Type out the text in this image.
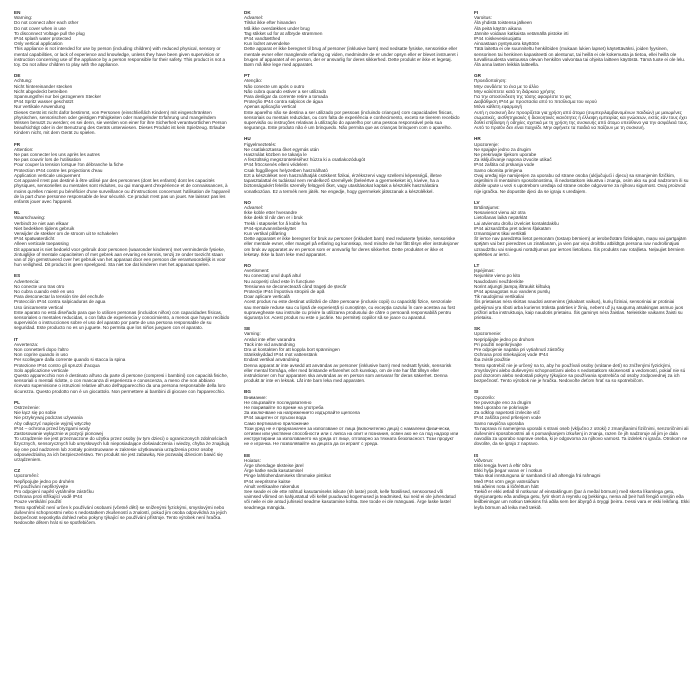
EN
Warning:
Do not connect after each other
Do not cover when in use
To disconnect Voltage pull the plug
IP44 splash water protected
Only vertical application
This appliance is not intended for use by person (including children) with reduced physical, sensory or mental capabilities, or lack of experience and knowledge, unless they have been given supervision or instruction concerning use of the appliance by a person responsible for their safety. This product is not a toy. Do not allow children to play with the appliance.
DE
Achtung:
Nicht hintereinander stecken
Nicht abgedeckt betreiben
Spannungsfrei nur bei gezogenem Stecker
IP44 Spritz wasser geschützt
Nur vertikale Anwendung
Dieses Gerät ist nicht dafür bestimmt, von Personen (einschließlich Kindern) mit eingeschränkten physischen, sensorischen oder geistigen Fähigkeiten oder mangelnder Erfahrung und mangelndem Wissen benutzt zu werden; es sei denn, sie werden von einer für ihre Sicherheit verantwortlichen Person beaufsichtigt oder in der Benutzung des Geräts unterwiesen. Dieses Produkt ist kein Spielzeug. Erlaube Kindern nicht, mit dem Gerät zu spielen.
FR
Attention:
Ne pas connecter les uns après les autres
Ne pas couvrir lors de l'utilisation
Pour couper la tension lorsque l'on débranche la fiche
Protection IP44 contre les projections d'eau
Application verticale uniquement
Cet appareil n'est pas destiné à être utilisé par des personnes (dont les enfants) dont les capacités physiques, sensorielles ou mentales sont réduites, ou qui manquent d'expérience et de connaissances, à moins qu'elles n'aient pu bénéficier d'une surveillance ou d'instructions concernant l'utilisation de l'appareil de la part d'une personne responsable de leur sécurité. Ce produit n'est pas un jouet. Ne laissez pas les enfants jouer avec l'appareil.
NL
Waarschuwing:
Verbindt ze niet aan elkaar
Niet bedekken tijdens gebruik
Verwijder de stekker om de stroom uit te schakelen
IP44 spatwaterdicht
Alleen verticale toepassing
Dit apparaat is niet bedoeld voor gebruik door personen (waaronder kinderen) met verminderde fysieke, zintuiglijke of mentale capaciteiten of met gebrek aan ervaring en kennis, tenzij ze onder toezicht staan van of zijn geïnstrueerd over het gebruik van het apparaat door een persoon die verantwoordelijk is voor hun veiligheid. Dit product is geen speelgoed. Sta niet toe dat kinderen met het apparaat spelen.
ES
Advertencia:
No conecte uno tras otro
No cubra cuando esté en uso
Para desconectar la tensión tire del enchufe
Protección IP44 contra salpicaduras de agua
Uso únicamente vertical
Este aparato no está diseñado para que lo utilicen personas (incluidos niños) con capacidades físicas, sensoriales o mentales reducidas, o con falta de experiencia y conocimiento, a menos que hayan recibido supervisión o instrucciones sobre el uso del aparato por parte de una persona responsable de su seguridad. Este producto no es un juguete. No permita que los niños jueguen con el aparato.
IT
Avvertenza:
Non connetterli dopo l'altro
Non coprire quando in uso
Per scollegare dalla corrente quando si stacca la spina
Protezione IP44 contro gli spruzzi d'acqua
Solo applicazione verticale
Questo apparecchio non è destinato all'uso da parte di persone (compresi i bambini) con capacità fisiche, sensoriali o mentali ridotte, o con mancanza di esperienza e conoscenza, a meno che non abbiano ricevuto supervisione o istruzioni relative all'uso dell'apparecchio da una persona responsabile della loro sicurezza. Questo prodotto non è un giocattolo. Non permettere ai bambini di giocare con l'apparecchio.
PL
Ostrzeżenie:
Nie łącz się po sobie
Nie przykrywaj podczas używania
Aby odłączyć napięcie wyjmij wtyczkę
IP44 – ochrona przed bryzgami wody
Zastosowanie wyłącznie w pozycji pionowej
To urządzenie nie jest przeznaczone do użytku przez osoby (w tym dzieci) o ograniczonych zdolnościach fizycznych, sensorycznych lub umysłowych lub nieposiadające doświadczenia i wiedzy, chyba że znajdują się one pod nadzorem lub zostały poinstruowane w zakresie użytkowania urządzenia przez osobę odpowiedzialną za ich bezpieczeństwo. Ten produkt nie jest zabawką. Nie pozwalaj dzieciom bawić się urządzeniem.
CZ
Upozornění:
Nepřipojujte jedno po druhém
Při používání nepřikrývejte
Pro odpojení napětí vytáhněte zástrčku
Ochrana proti stříkající vodě IP44
Pouze vertikální použití
Tento spotřebič není určen k používání osobami (včetně dětí) se sníženými fyzickými, smyslovými nebo duševními schopnostmi nebo s nedostatkem zkušeností a znalostí, pokud jim osoba odpovědná za jejich bezpečnost neposkytla dohled nebo pokyny týkající se používání přístroje. Tento výrobek není hračka. Nedovolte dětem hrát si se spotřebičem.
DK
Advarsel:
Tilslut ikke efter hinanden
Må ikke overdækkes under brug
Tag stikket ud for at afbryde strømmen
IP44 vandtætthed
Kun lodret anvendelse
Dette apparat er ikke beregnet til brug af personer (inklusive børn) med nedsatte fysiske, sensoriske eller mentale evner eller manglende erfaring og viden, medmindre de er under opsyn eller er blevet instrueret i brugen af apparatet af en person, der er ansvarlig for deres sikkerhed. Dette produkt er ikke et legetøj. Børn må ikke lege med apparatet.
PT
Atenção:
Não conecte um após o outro
Não cubra quando estiver a ser utilizado
Para desligar da corrente retire a tomada
Proteção IP44 contra salpicos de água
Apenas aplicação vertical
Este aparelho não se destina a ser utilizado por pessoas (incluindo crianças) com capacidades físicas, sensoriais ou mentais reduzidas, ou com falta de experiência e conhecimento, exceto se tiverem recebido supervisão ou instruções relativas à utilização do aparelho por uma pessoa responsável pela sua segurança. Este produto não é um brinquedo. Não permita que as crianças brinquem com o aparelho.
HU
Figyelmeztetés:
Ne csatlakoztassa őket egymás után
Használat közben ne takarja le
A feszültség megszüntetéséhez húzza ki a csatlakozódugót
IP44 fröccsenés elleni védelem
Csak függőleges helyzetben használható
Ezt a készüléket nem használhatják csökkent fizikai, érzékszervi vagy szellemi képességű, illetve tapasztalattal és tudással nem rendelkező személyek (beleértve a gyermekeket is), kivéve, ha a biztonságukért felelős személy felügyeli őket, vagy utasításokat kaptak a készülék használatára vonatkozóan. Ez a termék nem játék. Ne engedje, hogy gyermekek játsszanak a készülékkel.
NO
Advarsel:
Ikke koble etter hverandre
Ikke dekk til når den er i bruk
Trekk i støpselet for å koble fra
IP44-sprutvannsbeskyttet
Kun vertikal påføring
Dette apparatet er ikke beregnet for bruk av personer (inkludert barn) med reduserte fysiske, sensoriske eller mentale evner, eller mangel på erfaring og kunnskap, med mindre de har fått tilsyn eller instruksjoner om bruk av apparatet av en person som er ansvarlig for deres sikkerhet. Dette produktet er ikke et leketøy. Ikke la barn leke med apparatet.
RO
Avertisment:
Nu conectați unul după altul
Nu acoperiți când este în funcțiune
Tensiunea se deconectează când trageți de ștecăr
Protecție IP44 împotriva stropirii de apă
Doar aplicare verticală
Acest produs nu este destinat utilizării de către persoane (inclusiv copii) cu capacități fizice, senzoriale sau mentale reduse sau cu lipsă de experiență și cunoștințe, cu excepția cazului în care acestea au fost supravegheate sau instruite cu privire la utilizarea produsului de către o persoană responsabilă pentru siguranța lor. Acest produs nu este o jucărie. Nu permiteți copiilor să se joace cu aparatul.
SE
Varning:
Anslut inte efter varandra
Täck inte vid användning
Dra ut kontakten för att koppla bort spänningen
Stänkskyddad IP44 mot vattenstänk
Endast vertikal användning
Denna apparat är inte avsedd att användas av personer (inklusive barn) med nedsatt fysisk, sensorisk eller mental förmåga, eller med bristande erfarenhet och kunskap, om de inte har fått tillsyn eller instruktioner om hur apparaten ska användas av en person som ansvarar för deras säkerhet. Denna produkt är inte en leksak. Låt inte barn leka med apparaten.
BG
Внимание:
Не свързвайте последователно
Не покривайте по време на употреба
За изключване на напрежението издърпайте щепсела
IP44 защитен от пръски вода
Само вертикално приложение
Този уред не е предназначен за използване от лица (включително деца) с намалени физически, сетивни или умствени способности или с липса на опит и познания, освен ако не са под надзор или инструктирани за използването на уреда от лице, отговорно за тяхната безопасност. Този продукт не е играчка. Не позволявайте на децата да си играят с уреда.
EE
Hoiatus:
Ärge ühendage üksteise järel
Ärge katke seda kasutamisel
Pinge lahtiühendamiseks tõmmake pistikut
IP44 veepritsme kaitse
Ainult vertikaalne rakendus
See seade ei ole ette nähtud kasutamiseks isikute (sh laste) poolt, kelle füüsilised, sensoorsed või vaimsed võimed on kahjustatud või kellel puuduvad kogemused ja teadmised, kui neid ei ole juhendatud või neile ei ole antud juhiseid seadme kasutamise kohta. See toode ei ole mänguasi. Ärge laske lastel seadmega mängida.
FI
Varoitus:
Älä yhdistä toistensa jälkeen
Älä peitä käytön aikana
Jännite voidaan katkaista vetämällä pistoke irti
IP44 roiskevesisuojattu
Ainoastaan pystysuora käyttöön
Tätä laitetta ei ole suunniteltu henkilöiden (mukaan lukien lapset) käytettäväksi, joiden fyysinen, sensorinen tai henkinen kapasiteetti on alentunut, tai heillä ei ole kokemusta ja tietoa, ellei heillä ole turvallisuudesta vastuussa olevan henkilön valvontaa tai ohjeita laitteen käytöstä. Tämä tuote ei ole lelu. Älä anna lasten leikkiä laitteella.
GR
Προειδοποίηση:
Μην συνδέετε το ένα με το άλλο
Μην καλύπτετε κατά τη διάρκεια χρήσης
Για την αποσύνδεση της τάσης αφαιρέστε το φις
Διαβάθμιση IP44 με προστασία από το πιτσίλισμα του νερού
Μόνο κάθετη εφαρμογή
Αυτή η συσκευή δεν προορίζεται για χρήση από άτομα (συμπεριλαμβανομένων παιδιών) με μειωμένες σωματικές, αισθητηριακές ή διανοητικές ικανότητες ή έλλειψη εμπειρίας και γνώσεων, εκτός εάν τους έχει δοθεί επίβλεψη ή οδηγίες σχετικά με τη χρήση της συσκευής από άτομο υπεύθυνο για την ασφάλειά τους. Αυτό το προϊόν δεν είναι παιχνίδι. Μην αφήνετε τα παιδιά να παίζουν με τη συσκευή.
HR
Upozorenje:
Ne spajajte jedno za drugim
Ne prekrivajte tijekom uporabe
Za isključivanje napona izvucite utikač
IP44 zaštita od prskanja vode
Samo okomita primjena
Ovaj uređaj nije namijenjen za uporabu od strane osoba (uključujući i djecu) sa smanjenim fizičkim, osjetilnim ili mentalnim sposobnostima, ili nedostatkom iskustva i znanja, osim ako su pod nadzorom ili su dobile upute u vezi s upotrebom uređaja od strane osobe odgovorne za njihovu sigurnost. Ovaj proizvod nije igračka. Ne dopustite djeci da se igraju s uređajem.
LV
Brīdinājums:
Nesavienot vienu aiz otra
Lietošanas laikā nepārklāt
Lai atvienotu drošu izvelciet kontaktdakšu
IP44 aizsardzība pret ūdens šļakatām
Izmantojams tikai vertikāli
Šī ierīce nav paredzēta lietot personām (tostarp bērniem) ar ierobežotām fiziskajām, maņu vai garīgajām spējām vai bez pieredzes un zināšanām, ja vien par viņu drošību atbildīgā persona nav nodrošinājusi uzraudzību vai sniegusi norādījumus par ierīces lietošanu. Šis produkts nav rotaļlieta. Neļaujiet bērniem spēlēties ar ierīci.
LT
Įspėjimas:
Nejunkite vieno po kito
Naudodami neuždenkite
Norint atjungti įtampą ištraukit kištuką
IP44 apsaugotas nuo vandens purslų
Tik naudojimui vertikaliai
Šis prietaisas nėra skirtas naudoti asmenims (įskaitant vaikus), kurių fiziniai, sensoriniai ar protiniai gebėjimai yra riboti arba kuriems trūksta patirties ir žinių, nebent už jų saugumą atsakingas asmuo juos prižiūri arba instruktuoja, kaip naudotis prietaisu. Šis gaminys nėra žaislas. Neleiskite vaikams žaisti su prietaisu.
SK
Upozornenie:
Nepripájajte jedno po druhom
Pri použití neprikrývajte
Pre odpojenie napätia pri vytiahnutí zástrčky
Ochrana proti striekajúcej vode IP44
Iba zvislé použitie
Tento spotrebič nie je určený na to, aby ho používali osoby (vrátane detí) so zníženými fyzickými, zmyslovými alebo duševnými schopnosťami alebo s nedostatkom skúseností a vedomostí, pokiaľ nie sú pod dozorom alebo nedostali pokyny týkajúce sa používania spotrebiča od osoby zodpovednej za ich bezpečnosť. Tento výrobok nie je hračka. Nedovoľte deťom hrať sa so spotrebičom.
SI
Opozorilo:
Ne povezujte eno za drugim
Med uporabo ne pokrivajte
Za odklop napetosti izvlecite vtič
IP44 zaščita pred pršenjem vode
Samo navpična uporaba
Ta naprava ni namenjena uporabi s strani oseb (vključno z otroki) z zmanjšanimi fizičnimi, senzoričnimi ali duševnimi sposobnostmi ali s pomanjkanjem izkušenj in znanja, razen če jih nadzoruje ali jim je dala navodila za uporabo naprave oseba, ki je odgovorna za njihovo varnost. Ta izdelek ni igrača. Otrokom ne dovolite, da se igrajo z napravo.
IS
Viðvörun:
Ekki tengja hvert á eftir öðru
Ekki hylja þegar varan er í notkun
Taka skal innstunguna úr sambandi til að aftengja frá rafmagni
Með IP44 vörn gegn vatnsúðum
Má aðeins nota á lóðréttum hátt
Tækið er ekki ætlað til notkunar af einstaklingum (þar á meðal börnum) með skerta líkamlega getu, skynjunargetu eða andlega getu, fyrir skort á reynslu og þekkingu, nema að þeir hafi fengið umsjón eða leiðbeiningar um notkun tækisins frá aðila sem ber ábyrgð á öryggi þeirra. Þessi vara er ekki leikfang. Ekki leyfa börnum að leika með tækið.
